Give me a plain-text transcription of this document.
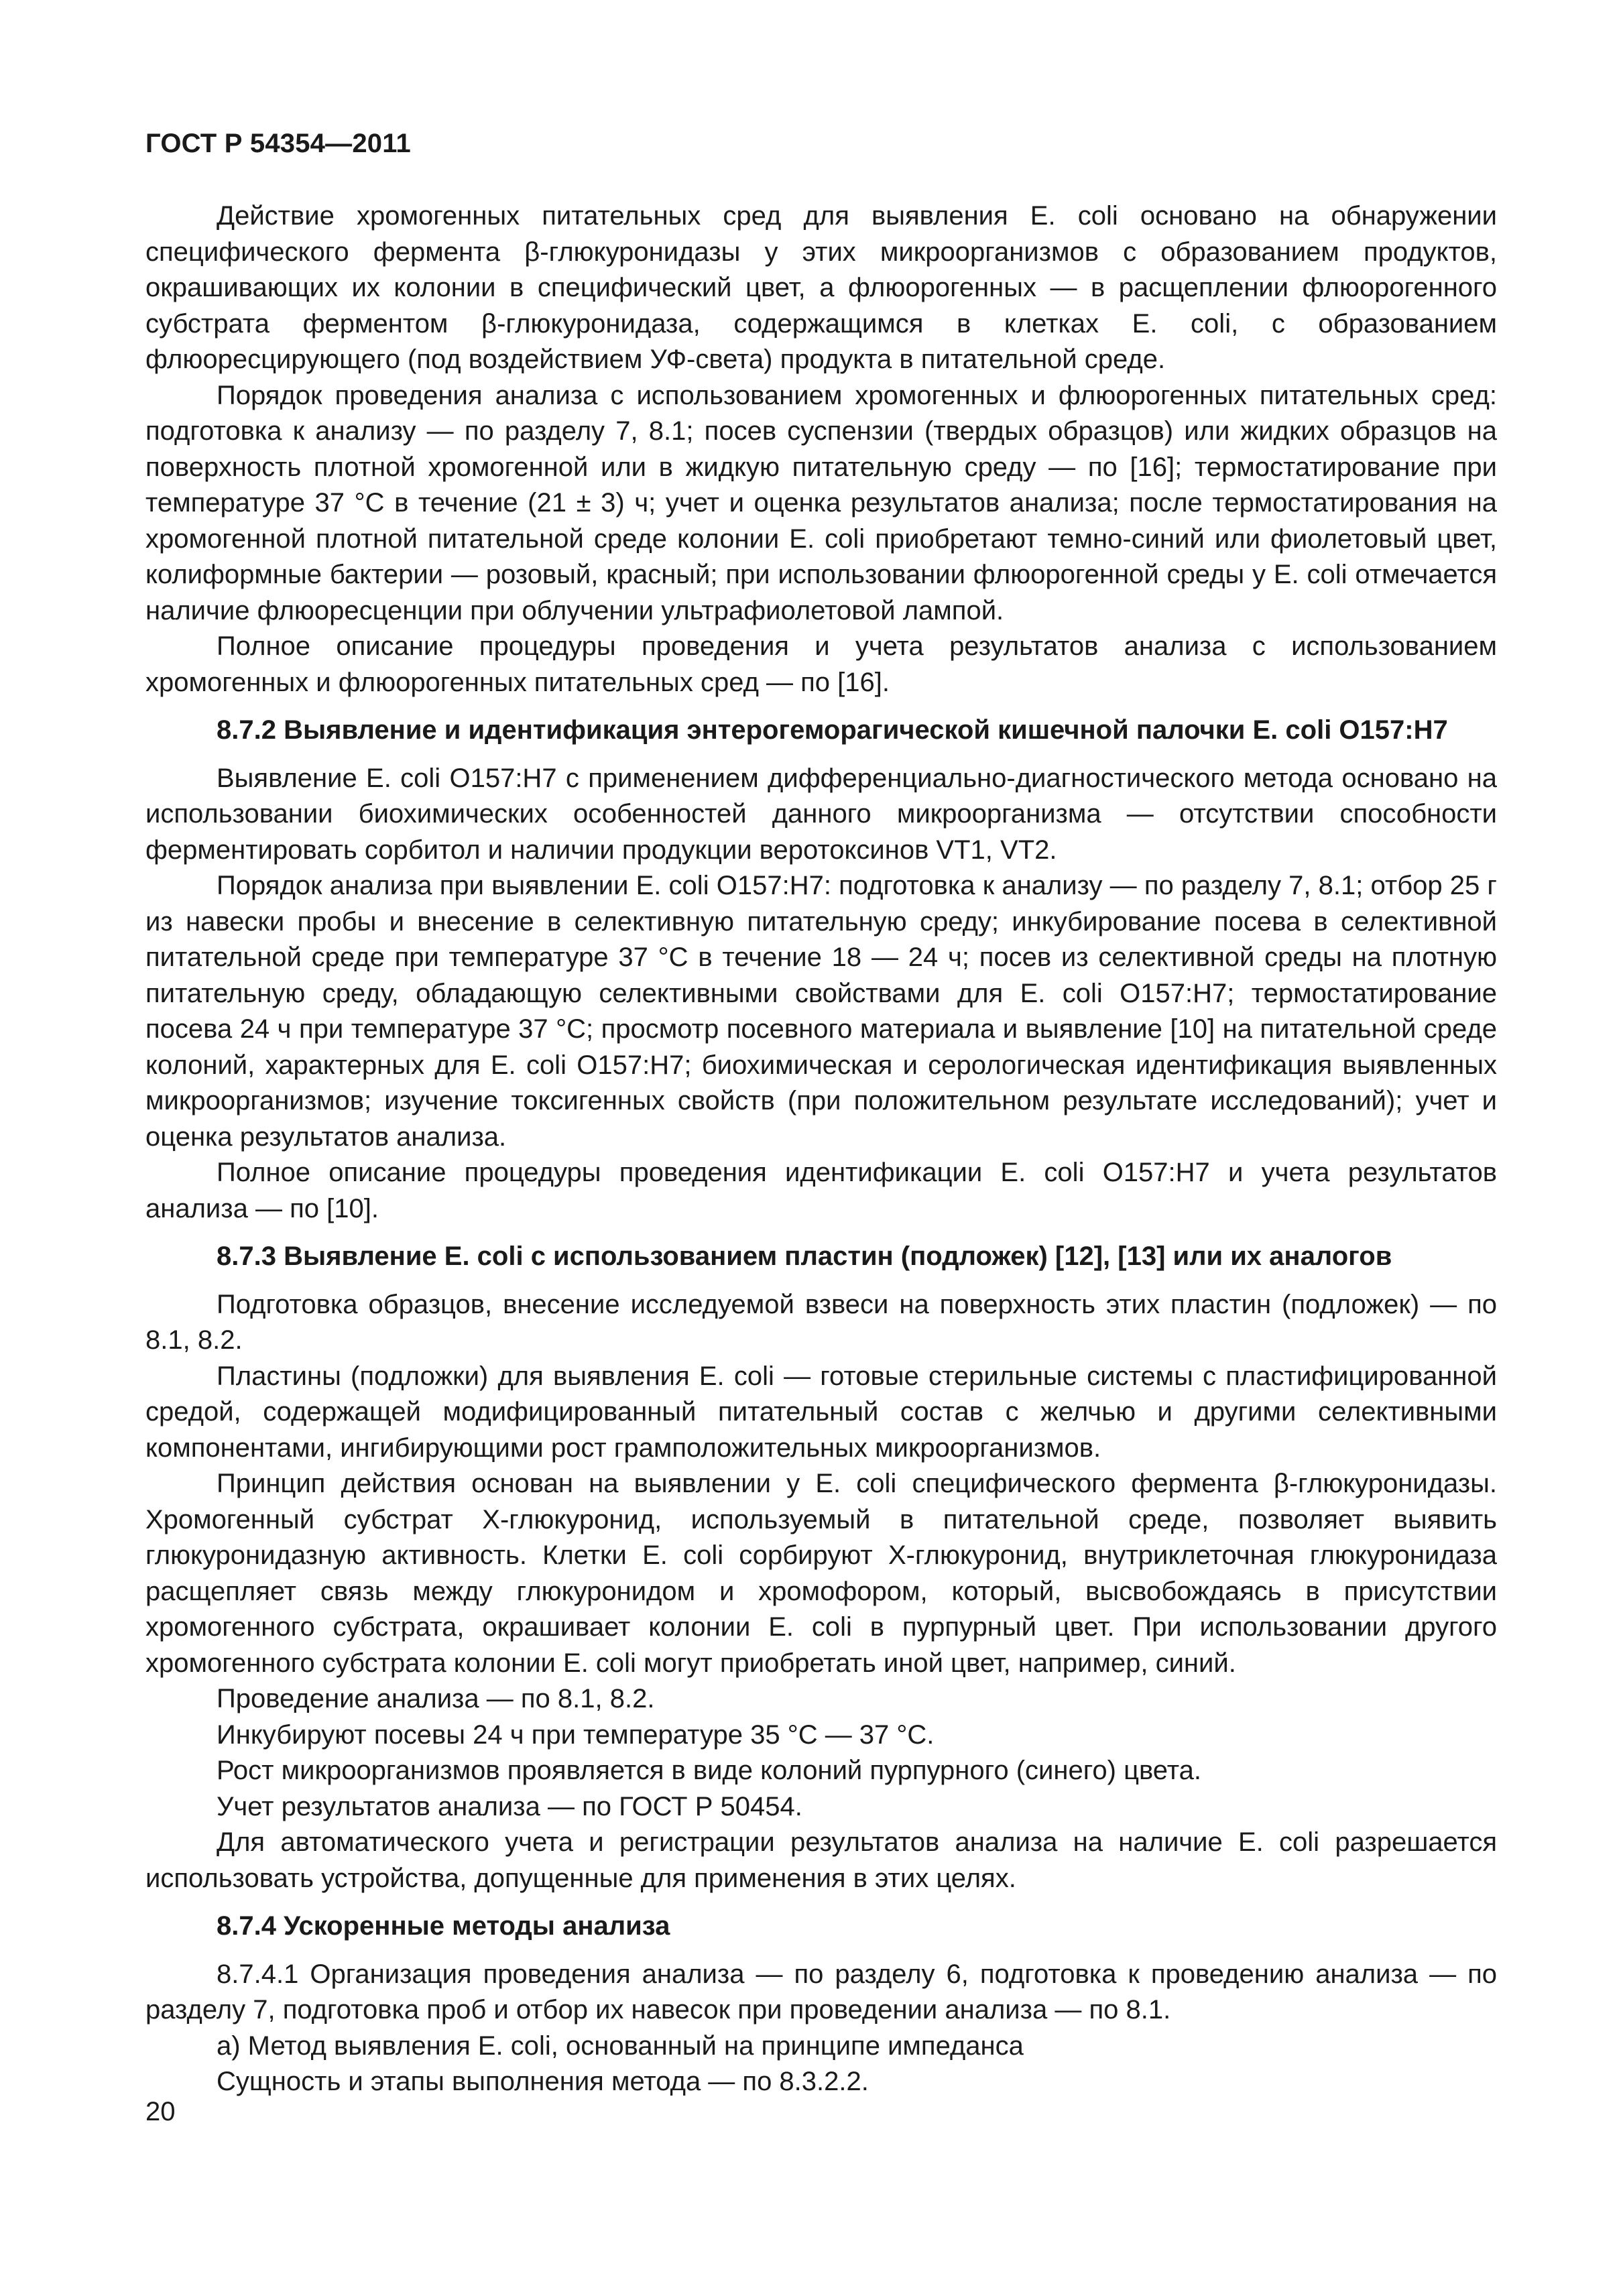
ГОСТ Р 54354—2011

Действие хромогенных питательных сред для выявления E. coli основано на обнаружении специфического фермента β-глюкуронидазы у этих микроорганизмов с образованием продуктов, окрашивающих их колонии в специфический цвет, а флюорогенных — в расщеплении флюорогенного субстрата ферментом β-глюкуронидаза, содержащимся в клетках E. coli, с образованием флюоресцирующего (под воздействием УФ-света) продукта в питательной среде.

Порядок проведения анализа с использованием хромогенных и флюорогенных питательных сред: подготовка к анализу — по разделу 7, 8.1; посев суспензии (твердых образцов) или жидких образцов на поверхность плотной хромогенной или в жидкую питательную среду — по [16]; термостатирование при температуре 37 °С в течение (21 ± 3) ч; учет и оценка результатов анализа; после термостатирования на хромогенной плотной питательной среде колонии E. coli приобретают темно-синий или фиолетовый цвет, колиформные бактерии — розовый, красный; при использовании флюорогенной среды у E. coli отмечается наличие флюоресценции при облучении ультрафиолетовой лампой.

Полное описание процедуры проведения и учета результатов анализа с использованием хромогенных и флюорогенных питательных сред — по [16].

8.7.2 Выявление и идентификация энтерогеморагической кишечной палочки E. coli O157:H7

Выявление E. coli O157:H7 с применением дифференциально-диагностического метода основано на использовании биохимических особенностей данного микроорганизма — отсутствии способности ферментировать сорбитол и наличии продукции веротоксинов VT1, VT2.

Порядок анализа при выявлении E. coli O157:H7: подготовка к анализу — по разделу 7, 8.1; отбор 25 г из навески пробы и внесение в селективную питательную среду; инкубирование посева в селективной питательной среде при температуре 37 °С в течение 18 — 24 ч; посев из селективной среды на плотную питательную среду, обладающую селективными свойствами для E. coli O157:H7; термостатирование посева 24 ч при температуре 37 °С; просмотр посевного материала и выявление [10] на питательной среде колоний, характерных для E. coli O157:H7; биохимическая и серологическая идентификация выявленных микроорганизмов; изучение токсигенных свойств (при положительном результате исследований); учет и оценка результатов анализа.

Полное описание процедуры проведения идентификации E. coli O157:H7 и учета результатов анализа — по [10].

8.7.3 Выявление E. coli с использованием пластин (подложек) [12], [13] или их аналогов

Подготовка образцов, внесение исследуемой взвеси на поверхность этих пластин (подложек) — по 8.1, 8.2.

Пластины (подложки) для выявления E. coli — готовые стерильные системы с пластифицированной средой, содержащей модифицированный питательный состав с желчью и другими селективными компонентами, ингибирующими рост грамположительных микроорганизмов.

Принцип действия основан на выявлении у E. coli специфического фермента β-глюкуронидазы. Хромогенный субстрат X-глюкуронид, используемый в питательной среде, позволяет выявить глюкуронидазную активность. Клетки E. coli сорбируют X-глюкуронид, внутриклеточная глюкуронидаза расщепляет связь между глюкуронидом и хромофором, который, высвобождаясь в присутствии хромогенного субстрата, окрашивает колонии E. coli в пурпурный цвет. При использовании другого хромогенного субстрата колонии E. coli могут приобретать иной цвет, например, синий.

Проведение анализа — по 8.1, 8.2.

Инкубируют посевы 24 ч при температуре 35 °С — 37 °С.

Рост микроорганизмов проявляется в виде колоний пурпурного (синего) цвета.

Учет результатов анализа — по ГОСТ Р 50454.

Для автоматического учета и регистрации результатов анализа на наличие E. coli разрешается использовать устройства, допущенные для применения в этих целях.

8.7.4 Ускоренные методы анализа

8.7.4.1 Организация проведения анализа — по разделу 6, подготовка к проведению анализа — по разделу 7, подготовка проб и отбор их навесок при проведении анализа — по 8.1.

а) Метод выявления E. coli, основанный на принципе импеданса

Сущность и этапы выполнения метода — по 8.3.2.2.

20
